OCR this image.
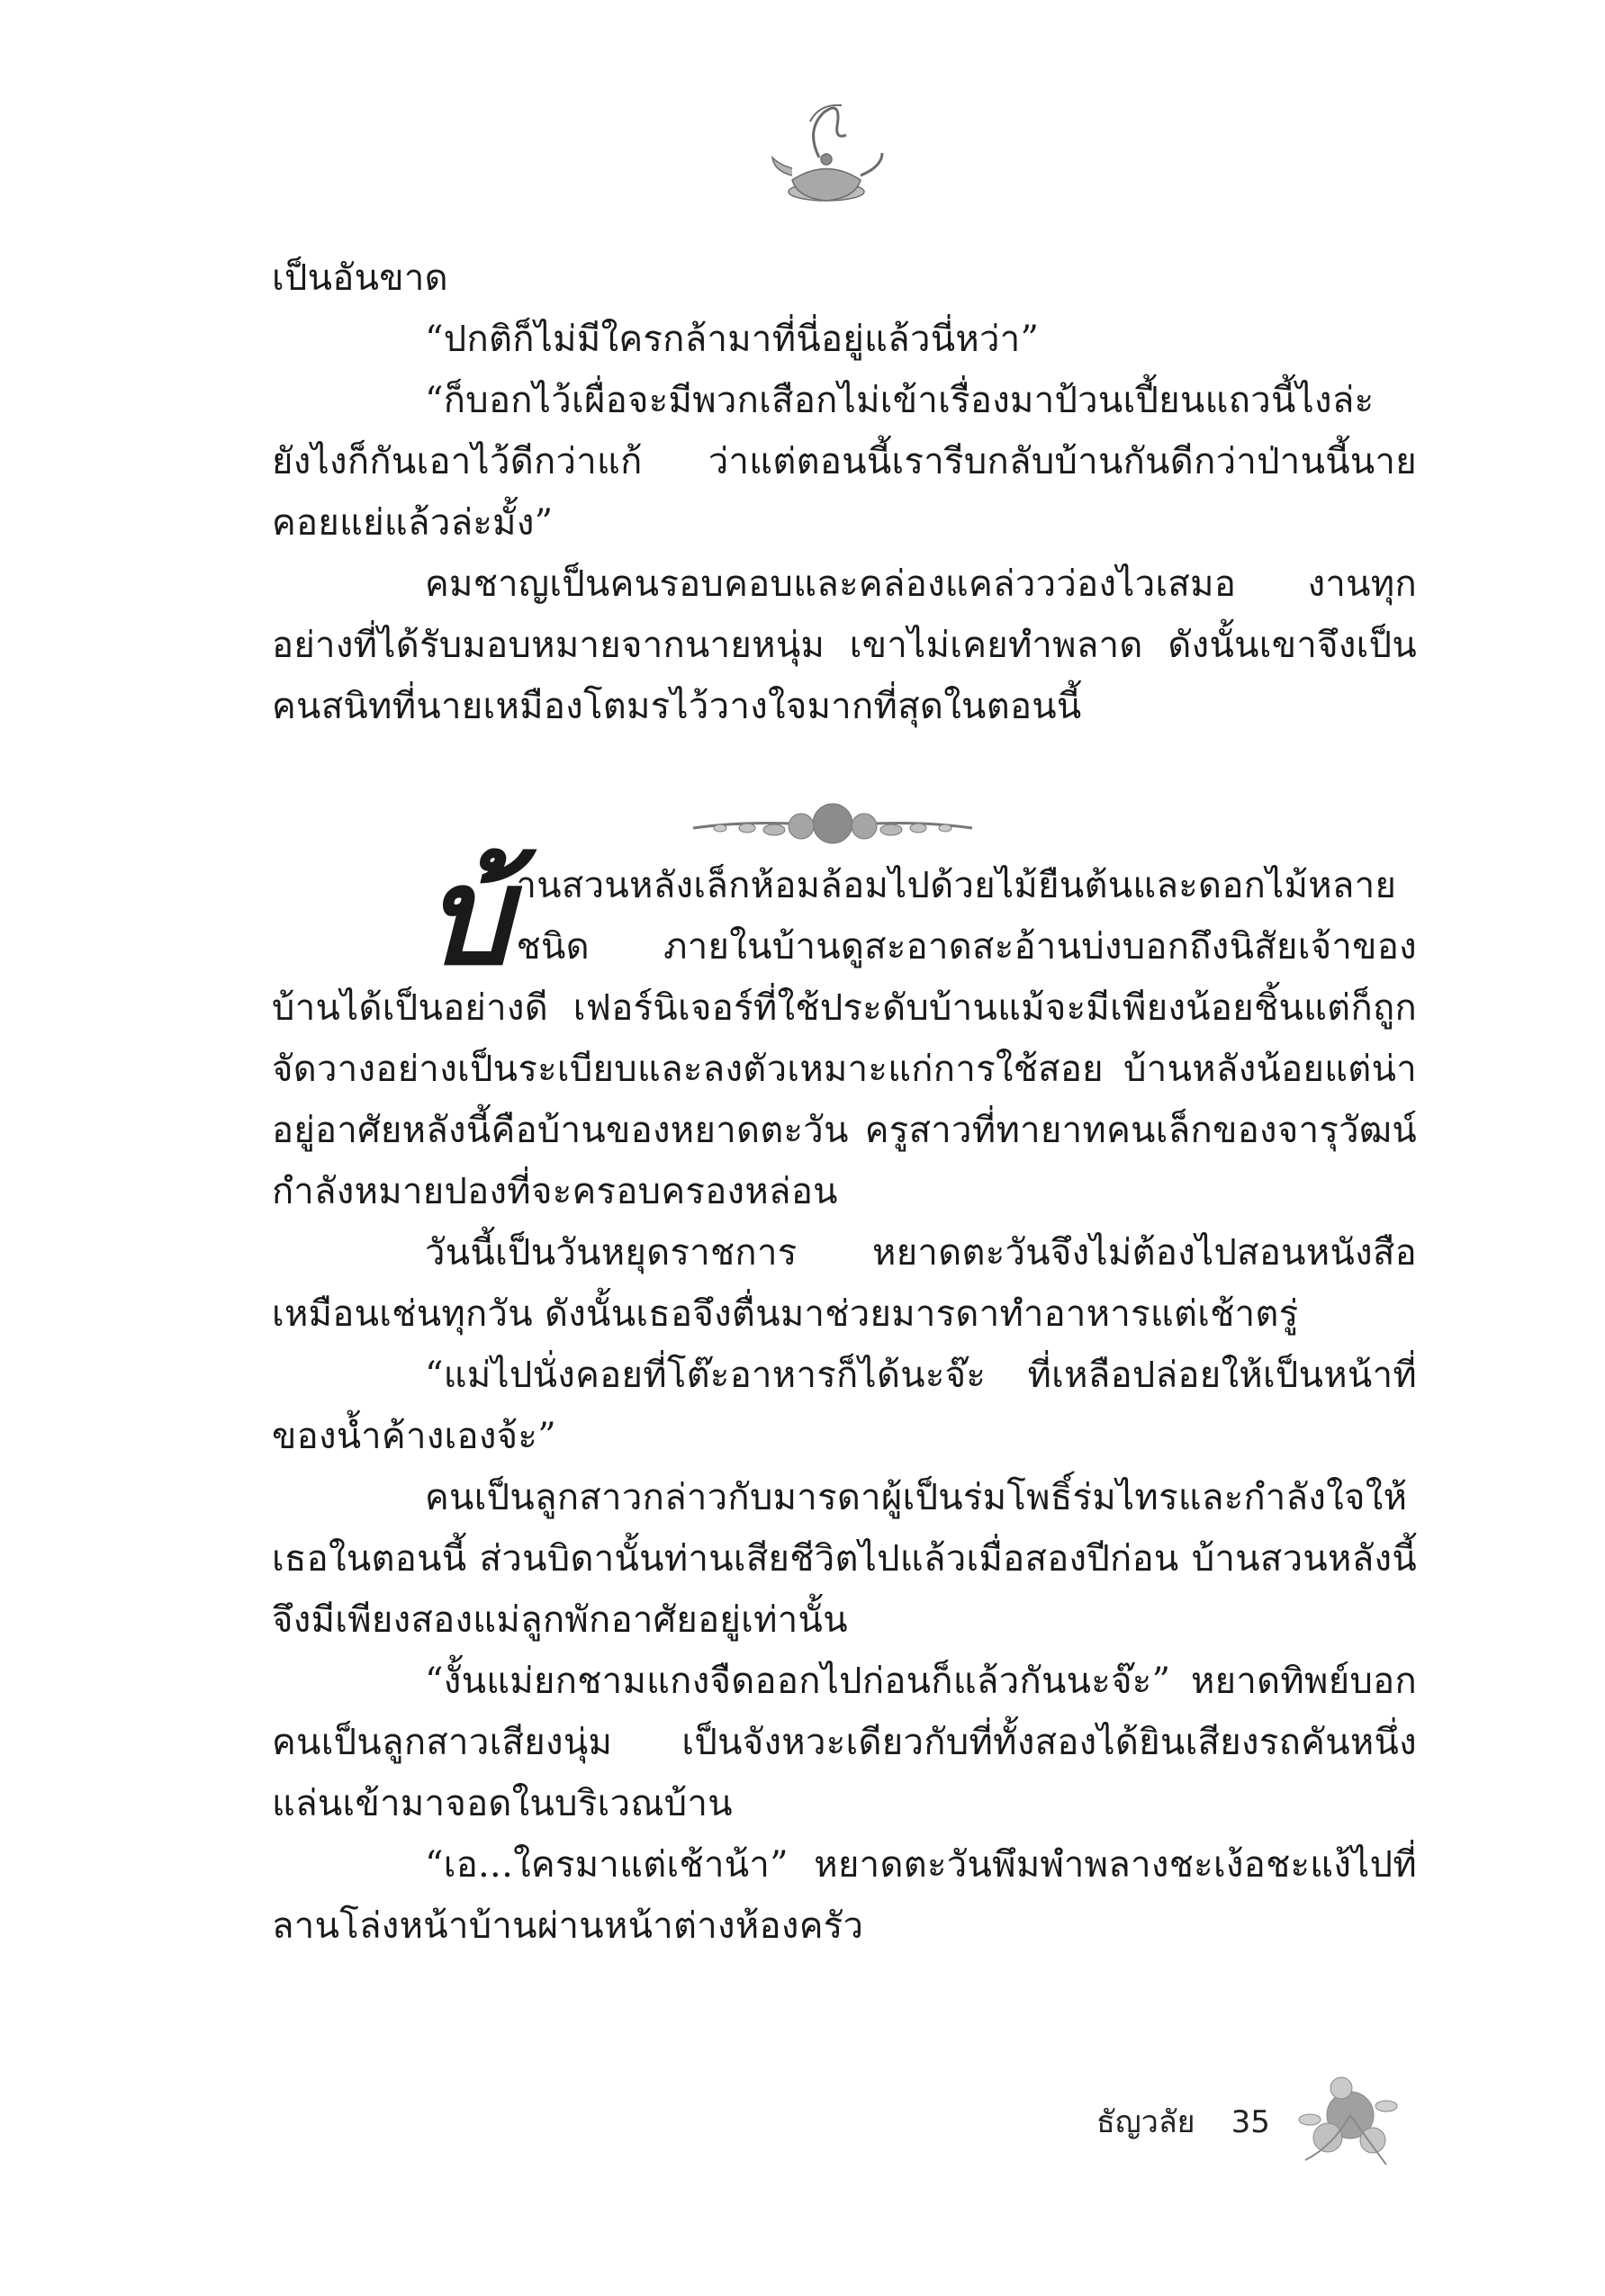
เป็นอันขาด

“ปกติก็ไม่มีใครกล้ามาที่นี่อยู่แล้วนี่หว่า”

“ก็บอกไว้เผื่อจะมีพวกเสือกไม่เข้าเรื่องมาป้วนเปี้ยนแถวนี้ไงล่ะ ยังไงก็กันเอาไว้ดีกว่าแก้ ว่าแต่ตอนนี้เรารีบกลับบ้านกันดีกว่าป่านนี้นายคอยแย่แล้วล่ะมั้ง”

คมชาญเป็นคนรอบคอบและคล่องแคล่ววว่องไวเสมอ งานทุกอย่างที่ได้รับมอบหมายจากนายหนุ่ม เขาไม่เคยทำพลาด ดังนั้นเขาจึงเป็นคนสนิทที่นายเหมืองโตมรไว้วางใจมากที่สุดในตอนนี้

บ้านสวนหลังเล็กห้อมล้อมไปด้วยไม้ยืนต้นและดอกไม้หลายชนิด ภายในบ้านดูสะอาดสะอ้านบ่งบอกถึงนิสัยเจ้าของบ้านได้เป็นอย่างดี เฟอร์นิเจอร์ที่ใช้ประดับบ้านแม้จะมีเพียงน้อยชิ้นแต่ก็ถูกจัดวางอย่างเป็นระเบียบและลงตัวเหมาะแก่การใช้สอย บ้านหลังน้อยแต่น่าอยู่อาศัยหลังนี้คือบ้านของหยาดตะวัน ครูสาวที่ทายาทคนเล็กของจารุวัฒน์กำลังหมายปองที่จะครอบครองหล่อน

วันนี้เป็นวันหยุดราชการ หยาดตะวันจึงไม่ต้องไปสอนหนังสือเหมือนเช่นทุกวัน ดังนั้นเธอจึงตื่นมาช่วยมารดาทำอาหารแต่เช้าตรู่

“แม่ไปนั่งคอยที่โต๊ะอาหารก็ได้นะจ๊ะ ที่เหลือปล่อยให้เป็นหน้าที่ของน้ำค้างเองจ้ะ”

คนเป็นลูกสาวกล่าวกับมารดาผู้เป็นร่มโพธิ์ร่มไทรและกำลังใจให้เธอในตอนนี้ ส่วนบิดานั้นท่านเสียชีวิตไปแล้วเมื่อสองปีก่อน บ้านสวนหลังนี้จึงมีเพียงสองแม่ลูกพักอาศัยอยู่เท่านั้น

“งั้นแม่ยกชามแกงจืดออกไปก่อนก็แล้วกันนะจ๊ะ” หยาดทิพย์บอกคนเป็นลูกสาวเสียงนุ่ม เป็นจังหวะเดียวกับที่ทั้งสองได้ยินเสียงรถคันหนึ่งแล่นเข้ามาจอดในบริเวณบ้าน

“เอ...ใครมาแต่เช้าน้า” หยาดตะวันพึมพำพลางชะเง้อชะแง้ไปที่ลานโล่งหน้าบ้านผ่านหน้าต่างห้องครัว

ธัญวลัย 35
